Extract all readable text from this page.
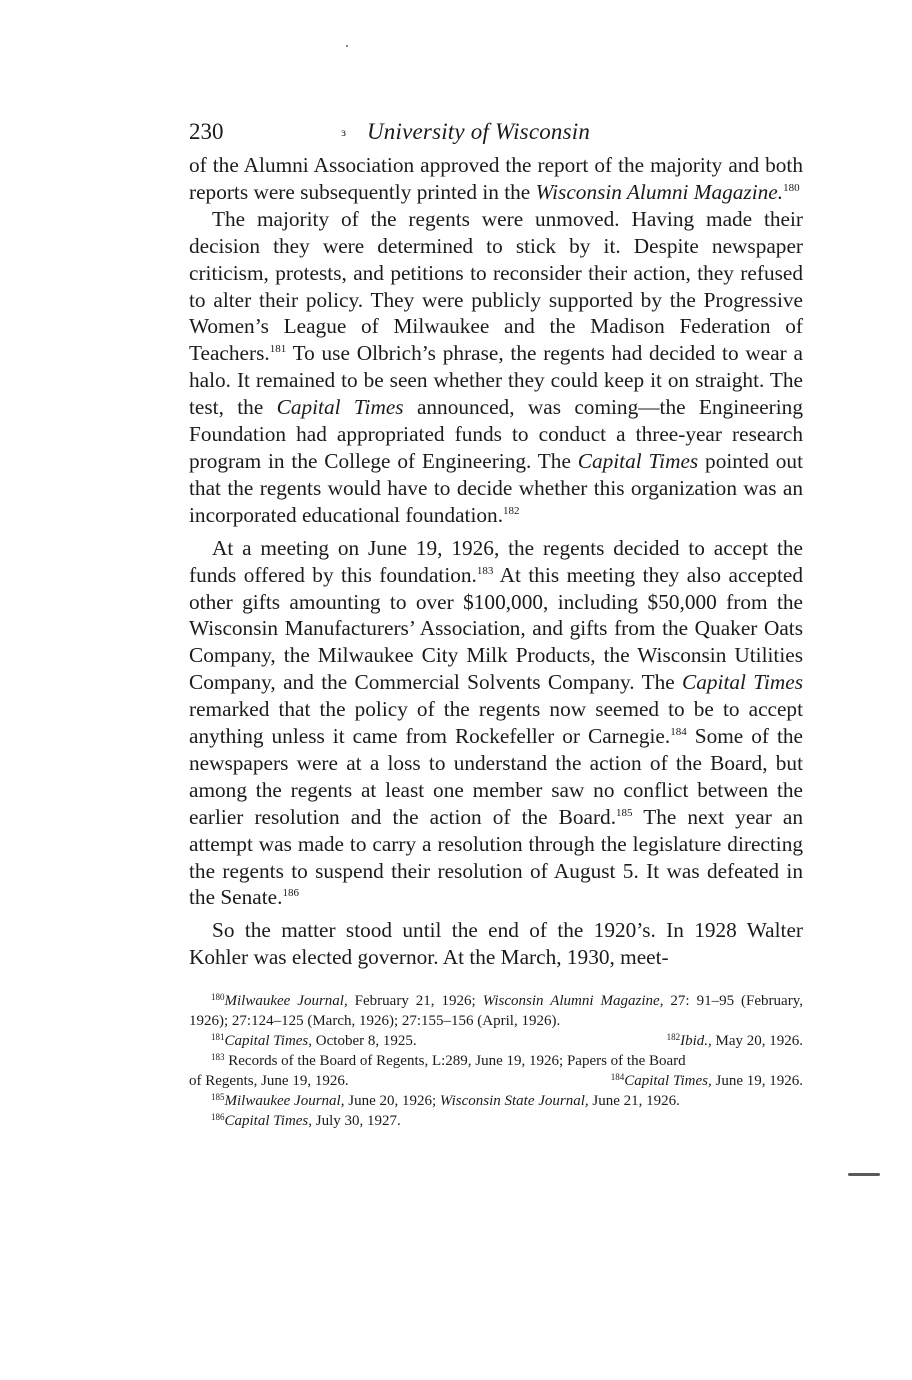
230	ɜ University of Wisconsin

of the Alumni Association approved the report of the majority and both reports were subsequently printed in the Wisconsin Alumni Magazine.$^{180}$

The majority of the regents were unmoved. Having made their decision they were determined to stick by it. Despite newspaper criticism, protests, and petitions to reconsider their action, they refused to alter their policy. They were publicly supported by the Progressive Women’s League of Milwaukee and the Madison Federation of Teachers.$^{181}$ To use Olbrich’s phrase, the regents had decided to wear a halo. It remained to be seen whether they could keep it on straight. The test, the Capital Times announced, was coming—the Engineering Foundation had appropriated funds to conduct a three-year research program in the College of Engineering. The Capital Times pointed out that the regents would have to decide whether this organization was an incorporated educational foundation.$^{182}$

At a meeting on June 19, 1926, the regents decided to accept the funds offered by this foundation.$^{183}$ At this meeting they also accepted other gifts amounting to over $100,000, including $50,000 from the Wisconsin Manufacturers’ Association, and gifts from the Quaker Oats Company, the Milwaukee City Milk Products, the Wisconsin Utilities Company, and the Commercial Solvents Company. The Capital Times remarked that the policy of the regents now seemed to be to accept anything unless it came from Rockefeller or Carnegie.$^{184}$ Some of the newspapers were at a loss to understand the action of the Board, but among the regents at least one member saw no conflict between the earlier resolution and the action of the Board.$^{185}$ The next year an attempt was made to carry a resolution through the legislature directing the regents to suspend their resolution of August 5. It was defeated in the Senate.$^{186}$

So the matter stood until the end of the 1920’s. In 1928 Walter Kohler was elected governor. At the March, 1930, meet-

$^{180}$Milwaukee Journal, February 21, 1926; Wisconsin Alumni Magazine, 27: 91–95 (February, 1926); 27:124–125 (March, 1926); 27:155–156 (April, 1926).

$^{181}$Capital Times, October 8, 1925.	$^{182}$Ibid., May 20, 1926.

$^{183}$ Records of the Board of Regents, L:289, June 19, 1926; Papers of the Board

of Regents, June 19, 1926.	$^{184}$Capital Times, June 19, 1926.

$^{185}$Milwaukee Journal, June 20, 1926; Wisconsin State Journal, June 21, 1926.

$^{186}$Capital Times, July 30, 1927.
